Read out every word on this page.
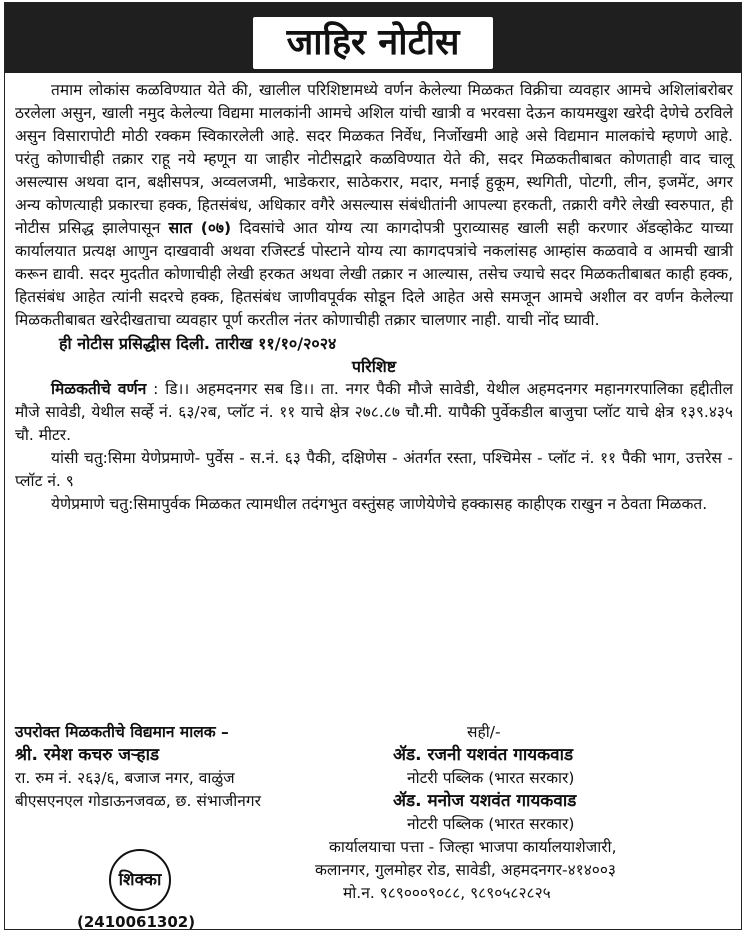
जाहिर नोटीस

तमाम लोकांस कळविण्यात येते की, खालील परिशिष्टामध्ये वर्णन केलेल्या मिळकत विक्रीचा व्यवहार आमचे अशिलांबरोबर ठरलेला असुन, खाली नमुद केलेल्या विद्यमा मालकांनी आमचे अशिल यांची खात्री व भरवसा देऊन कायमखुश खरेदी देणेचे ठरविले असुन विसारापोटी मोठी रक्कम स्विकारलेली आहे. सदर मिळकत निर्वेध, निर्जोखमी आहे असे विद्यमान मालकांचे म्हणणे आहे. परंतु कोणाचीही तक्रार राहू नये म्हणून या जाहीर नोटीसद्वारे कळविण्यात येते की, सदर मिळकतीबाबत कोणताही वाद चालू असल्यास अथवा दान, बक्षीसपत्र, अव्वलजमी, भाडेकरार, साठेकरार, मदार, मनाई हुकूम, स्थगिती, पोटगी, लीन, इजमेंट, अगर अन्य कोणत्याही प्रकारचा हक्क, हितसंबंध, अधिकार वगैरे असल्यास संबंधीतांनी आपल्या हरकती, तक्रारी वगैरे लेखी स्वरुपात, ही नोटीस प्रसिद्ध झालेपासून सात (०७) दिवसांचे आत योग्य त्या कागदोपत्री पुराव्यासह खाली सही करणार ॲडव्होकेट याच्या कार्यालयात प्रत्यक्ष आणुन दाखवावी अथवा रजिस्टर्ड पोस्टाने योग्य त्या कागदपत्रांचे नकलांसह आम्हांस कळवावे व आमची खात्री करून द्यावी. सदर मुदतीत कोणाचीही लेखी हरकत अथवा लेखी तक्रार न आल्यास, तसेच ज्याचे सदर मिळकतीबाबत काही हक्क, हितसंबंध आहेत त्यांनी सदरचे हक्क, हितसंबंध जाणीवपूर्वक सोडून दिले आहेत असे समजून आमचे अशील वर वर्णन केलेल्या मिळकतीबाबत खरेदीखताचा व्यवहार पूर्ण करतील नंतर कोणाचीही तक्रार चालणार नाही. याची नोंद घ्यावी.

ही नोटीस प्रसिद्धीस दिली. तारीख ११/१०/२०२४

परिशिष्ट

मिळकतीचे वर्णन : डि।। अहमदनगर सब डि।। ता. नगर पैकी मौजे सावेडी, येथील अहमदनगर महानगरपालिका हद्दीतील मौजे सावेडी, येथील सर्व्हे नं. ६३/२ब, प्लॉट नं. ११ याचे क्षेत्र २७८.८७ चौ.मी. यापैकी पुर्वेकडील बाजुचा प्लॉट याचे क्षेत्र १३९.४३५ चौ. मीटर.

यांसी चतु:सिमा येणेप्रमाणे- पुर्वेस - स.नं. ६३ पैकी, दक्षिणेस - अंतर्गत रस्ता, पश्चिमेस - प्लॉट नं. ११ पैकी भाग, उत्तरेस - प्लॉट नं. ९

येणेप्रमाणे चतु:सिमापुर्वक मिळकत त्यामधील तदंगभुत वस्तुंसह जाणेयेणेचे हक्कासह काहीएक राखुन न ठेवता मिळकत.

उपरोक्त मिळकतीचे विद्यमान मालक –

श्री. रमेश कचरु जऱ्हाड

रा. रुम नं. २६३/६, बजाज नगर, वाळुंज

बीएसएनएल गोडाऊनजवळ, छ. संभाजीनगर

सही/-

ॲड. रजनी यशवंत गायकवाड

नोटरी पब्लिक (भारत सरकार)

ॲड. मनोज यशवंत गायकवाड

नोटरी पब्लिक (भारत सरकार)

कार्यालयाचा पत्ता - जिल्हा भाजपा कार्यालयाशेजारी,

कलानगर, गुलमोहर रोड, सावेडी, अहमदनगर-४१४००३

मो.न. ९८९०००९०८८, ९८९०५८२८२५

शिक्का
(2410061302)
